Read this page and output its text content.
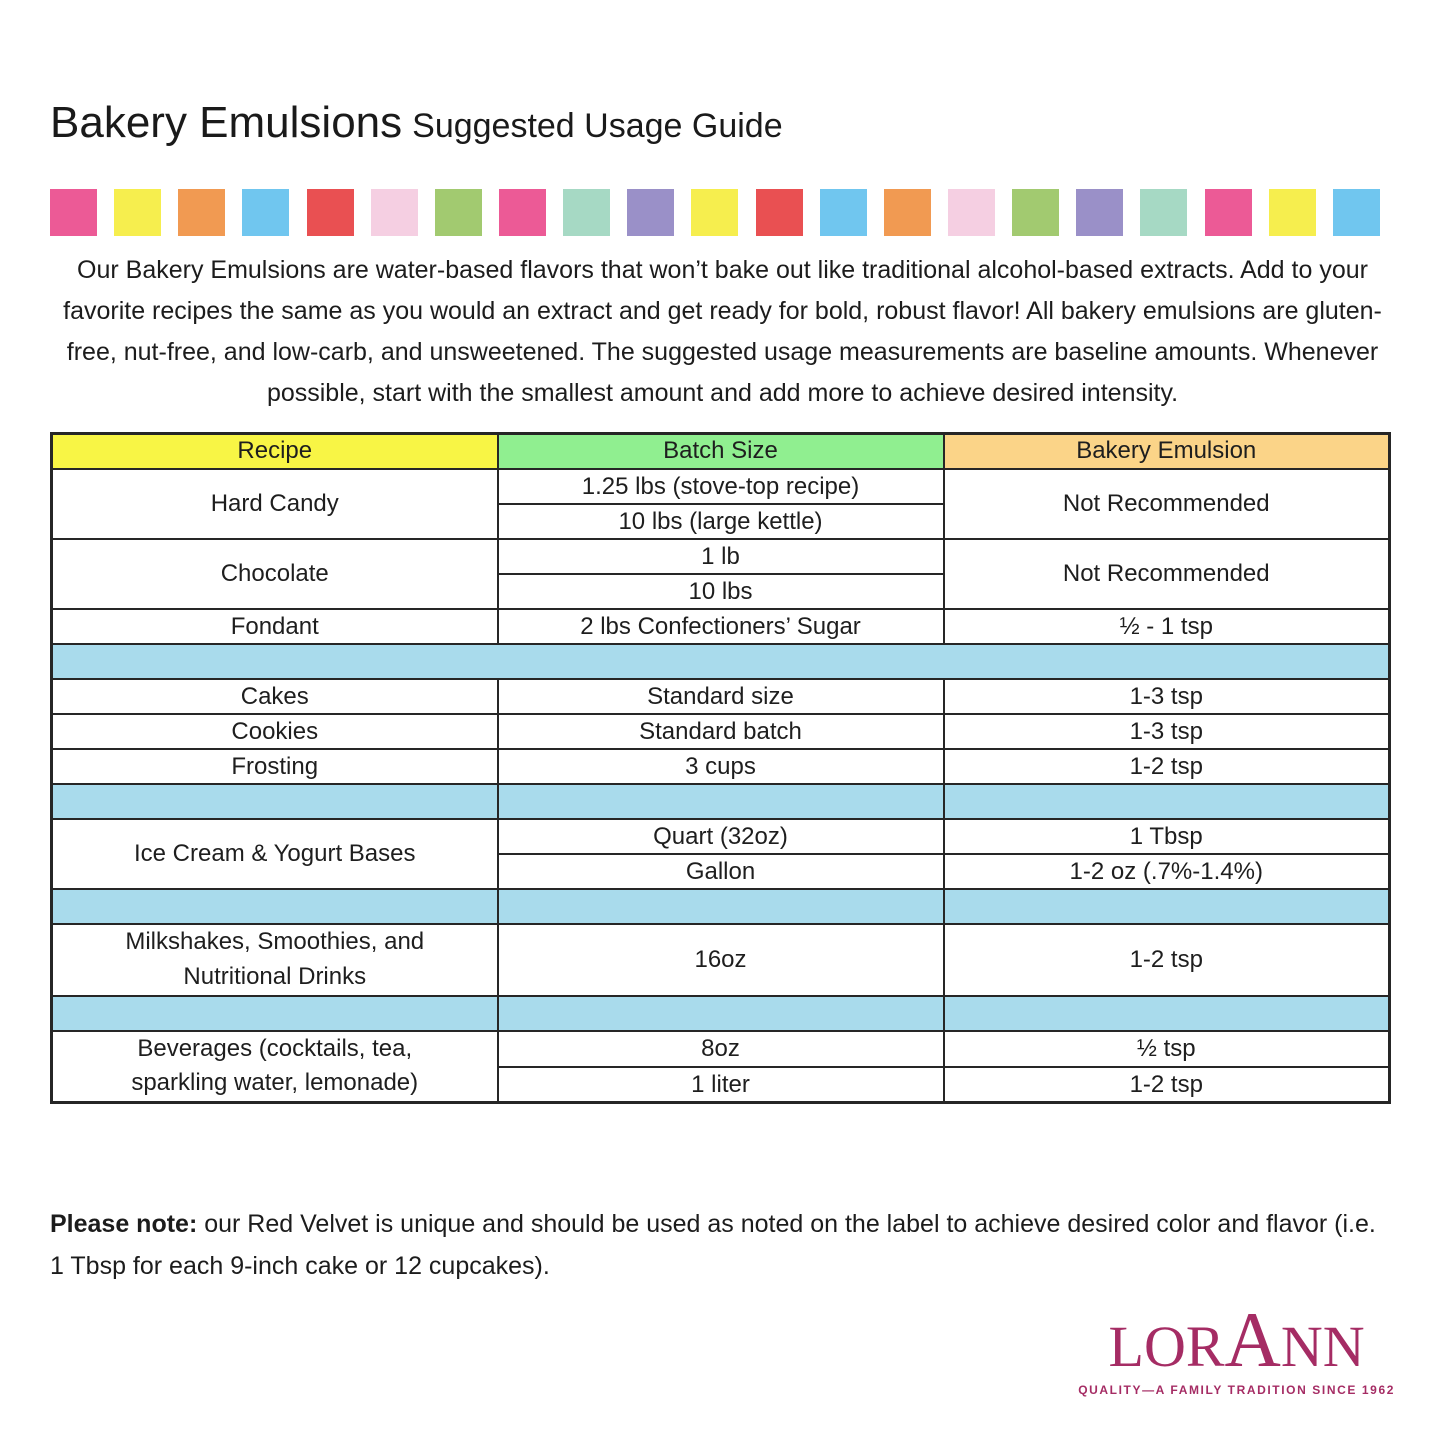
Bakery Emulsions Suggested Usage Guide

Our Bakery Emulsions are water-based flavors that won’t bake out like traditional alcohol-based extracts. Add to your favorite recipes the same as you would an extract and get ready for bold, robust flavor! All bakery emulsions are gluten-free, nut-free, and low-carb, and unsweetened. The suggested usage measurements are baseline amounts. Whenever possible, start with the smallest amount and add more to achieve desired intensity.

Recipe	Batch Size	Bakery Emulsion
Hard Candy	1.25 lbs (stove-top recipe)	Not Recommended
	10 lbs (large kettle)	
Chocolate	1 lb	Not Recommended
	10 lbs	
Fondant	2 lbs Confectioners’ Sugar	½ - 1 tsp

Cakes	Standard size	1-3 tsp
Cookies	Standard batch	1-3 tsp
Frosting	3 cups	1-2 tsp

Ice Cream & Yogurt Bases	Quart (32oz)	1 Tbsp
	Gallon	1-2 oz (.7%-1.4%)

Milkshakes, Smoothies, and Nutritional Drinks	16oz	1-2 tsp

Beverages (cocktails, tea, sparkling water, lemonade)	8oz	½ tsp
	1 liter	1-2 tsp

Please note: our Red Velvet is unique and should be used as noted on the label to achieve desired color and flavor (i.e. 1 Tbsp for each 9-inch cake or 12 cupcakes).

LORANN
QUALITY—A FAMILY TRADITION SINCE 1962
